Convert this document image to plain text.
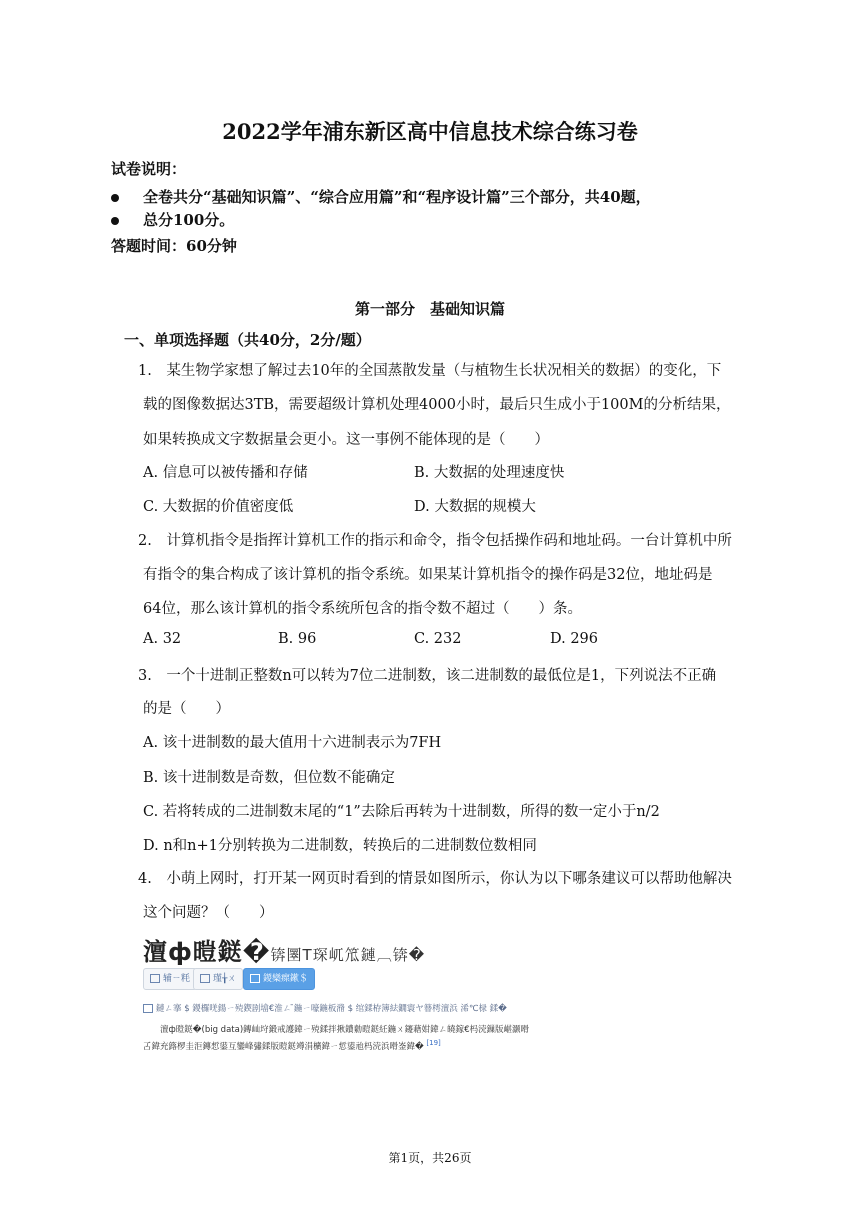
2022学年浦东新区高中信息技术综合练习卷
试卷说明：
全卷共分“基础知识篇”、“综合应用篇”和“程序设计篇”三个部分，共40题，
总分100分。
答题时间：60分钟
第一部分　基础知识篇
一、单项选择题（共40分，2分/题）
1.　某生物学家想了解过去10年的全国蒸散发量（与植物生长状况相关的数据）的变化，下
载的图像数据达3TB，需要超级计算机处理4000小时，最后只生成小于100M的分析结果，
如果转换成文字数据量会更小。这一事例不能体现的是（　　）
A. 信息可以被传播和存储	B. 大数据的处理速度快
C. 大数据的价值密度低	D. 大数据的规模大
2.　计算机指令是指挥计算机工作的指示和命令，指令包括操作码和地址码。一台计算机中所
有指令的集合构成了该计算机的指令系统。如果某计算机指令的操作码是32位，地址码是
64位，那么该计算机的指令系统所包含的指令数不超过（　　）条。
A. 32	B. 96	C. 232	D. 296
3.　一个十进制正整数n可以转为7位二进制数，该二进制数的最低位是1，下列说法不正确
的是（　　）
A. 该十进制数的最大值用十六进制表示为7FH
B. 该十进制数是奇数，但位数不能确定
C. 若将转成的二进制数末尾的“1”去除后再转为十进制数，所得的数一定小于n/2
D. n和n+1分别转换为二进制数，转换后的二进制数位数相同
4.　小萌上网时，打开某一网页时看到的情景如图所示，你认为以下哪条建议可以帮助他解决
这个问题？（　　）
澶ф暟鎹�锛圛T琛屼笟鏈︹锛�
辅ㄧ粍	瑾╁ㄨ	鍐欒瘝鏉＄
鏈ㄥ搴 $ 鍐欏唴鍚ㄧ殑鍥剧墖€淮ㄥ ̄鍦ㄧ嚎鍦板潃 $ 绾鍒栫簿紶鐗寰ヤ簮樗澶浜 浠℃椂 鍒�
　　澶ф暟鎹�(big data)鏄屾垨鍛戒護鍏ㄧ殑鍒拌揪鐨勬暟鎹紝鍦ㄨ鑳藉姏鍏ㄥ皢鎵€杩涜鏁版嵁灏嗗叾鍏充簬椤圭洰鏄惁鍙互鑾峰彇鍒版暟鎹竴涓櫎鍏ㄧ悊鍙兘杩涜浜嗗崟鍏� [19]
第1页，共26页
